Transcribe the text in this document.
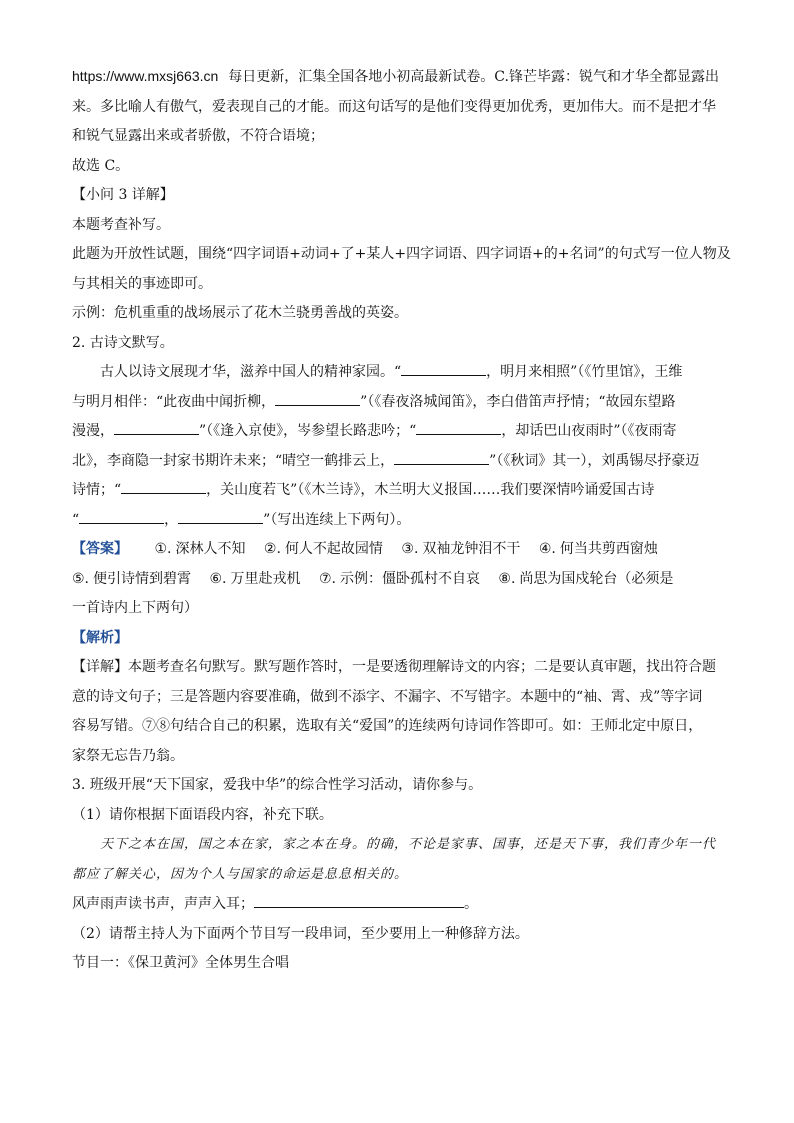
https://www.mxsj663.cn 每日更新，汇集全国各地小初高最新试卷。C.锋芒毕露：锐气和才华全都显露出
来。多比喻人有傲气，爱表现自己的才能。而这句话写的是他们变得更加优秀，更加伟大。而不是把才华
和锐气显露出来或者骄傲，不符合语境；
故选 C。
【小问 3 详解】
本题考查补写。
此题为开放性试题，围绕“四字词语+动词+了+某人+四字词语、四字词语+的+名词”的句式写一位人物及
与其相关的事迹即可。
示例：危机重重的战场展示了花木兰骁勇善战的英姿。
2. 古诗文默写。
古人以诗文展现才华，滋养中国人的精神家园。“	，明月来相照”（《竹里馆》，王维
与明月相伴：“此夜曲中闻折柳，	”（《春夜洛城闻笛》，李白借笛声抒情；“故园东望路
漫漫，	”（《逢入京使》，岑参望长路悲吟；“	，却话巴山夜雨时”（《夜雨寄
北》，李商隐一封家书期许未来；“晴空一鹤排云上，	”（《秋词》其一），刘禹锡尽抒豪迈
诗情；“	，关山度若飞”（《木兰诗》，木兰明大义报国……我们要深情吟诵爱国古诗
“	，	”（写出连续上下两句）。
【答案】 ①. 深林人不知 ②. 何人不起故园情 ③. 双袖龙钟泪不干 ④. 何当共剪西窗烛
⑤. 便引诗情到碧霄 ⑥. 万里赴戎机 ⑦. 示例：僵卧孤村不自哀 ⑧. 尚思为国戍轮台（必须是
一首诗内上下两句）
【解析】
【详解】本题考查名句默写。默写题作答时，一是要透彻理解诗文的内容；二是要认真审题，找出符合题
意的诗文句子；三是答题内容要准确，做到不添字、不漏字、不写错字。本题中的“袖、霄、戎”等字词
容易写错。⑦⑧句结合自己的积累，选取有关“爱国”的连续两句诗词作答即可。如：王师北定中原日，
家祭无忘告乃翁。
3. 班级开展“天下国家，爱我中华”的综合性学习活动，请你参与。
（1）请你根据下面语段内容，补充下联。
天下之本在国，国之本在家，家之本在身。的确，不论是家事、国事，还是天下事，我们青少年一代
都应了解关心，因为个人与国家的命运是息息相关的。
风声雨声读书声，声声入耳；	。
（2）请帮主持人为下面两个节目写一段串词，至少要用上一种修辞方法。
节目一：《保卫黄河》全体男生合唱
